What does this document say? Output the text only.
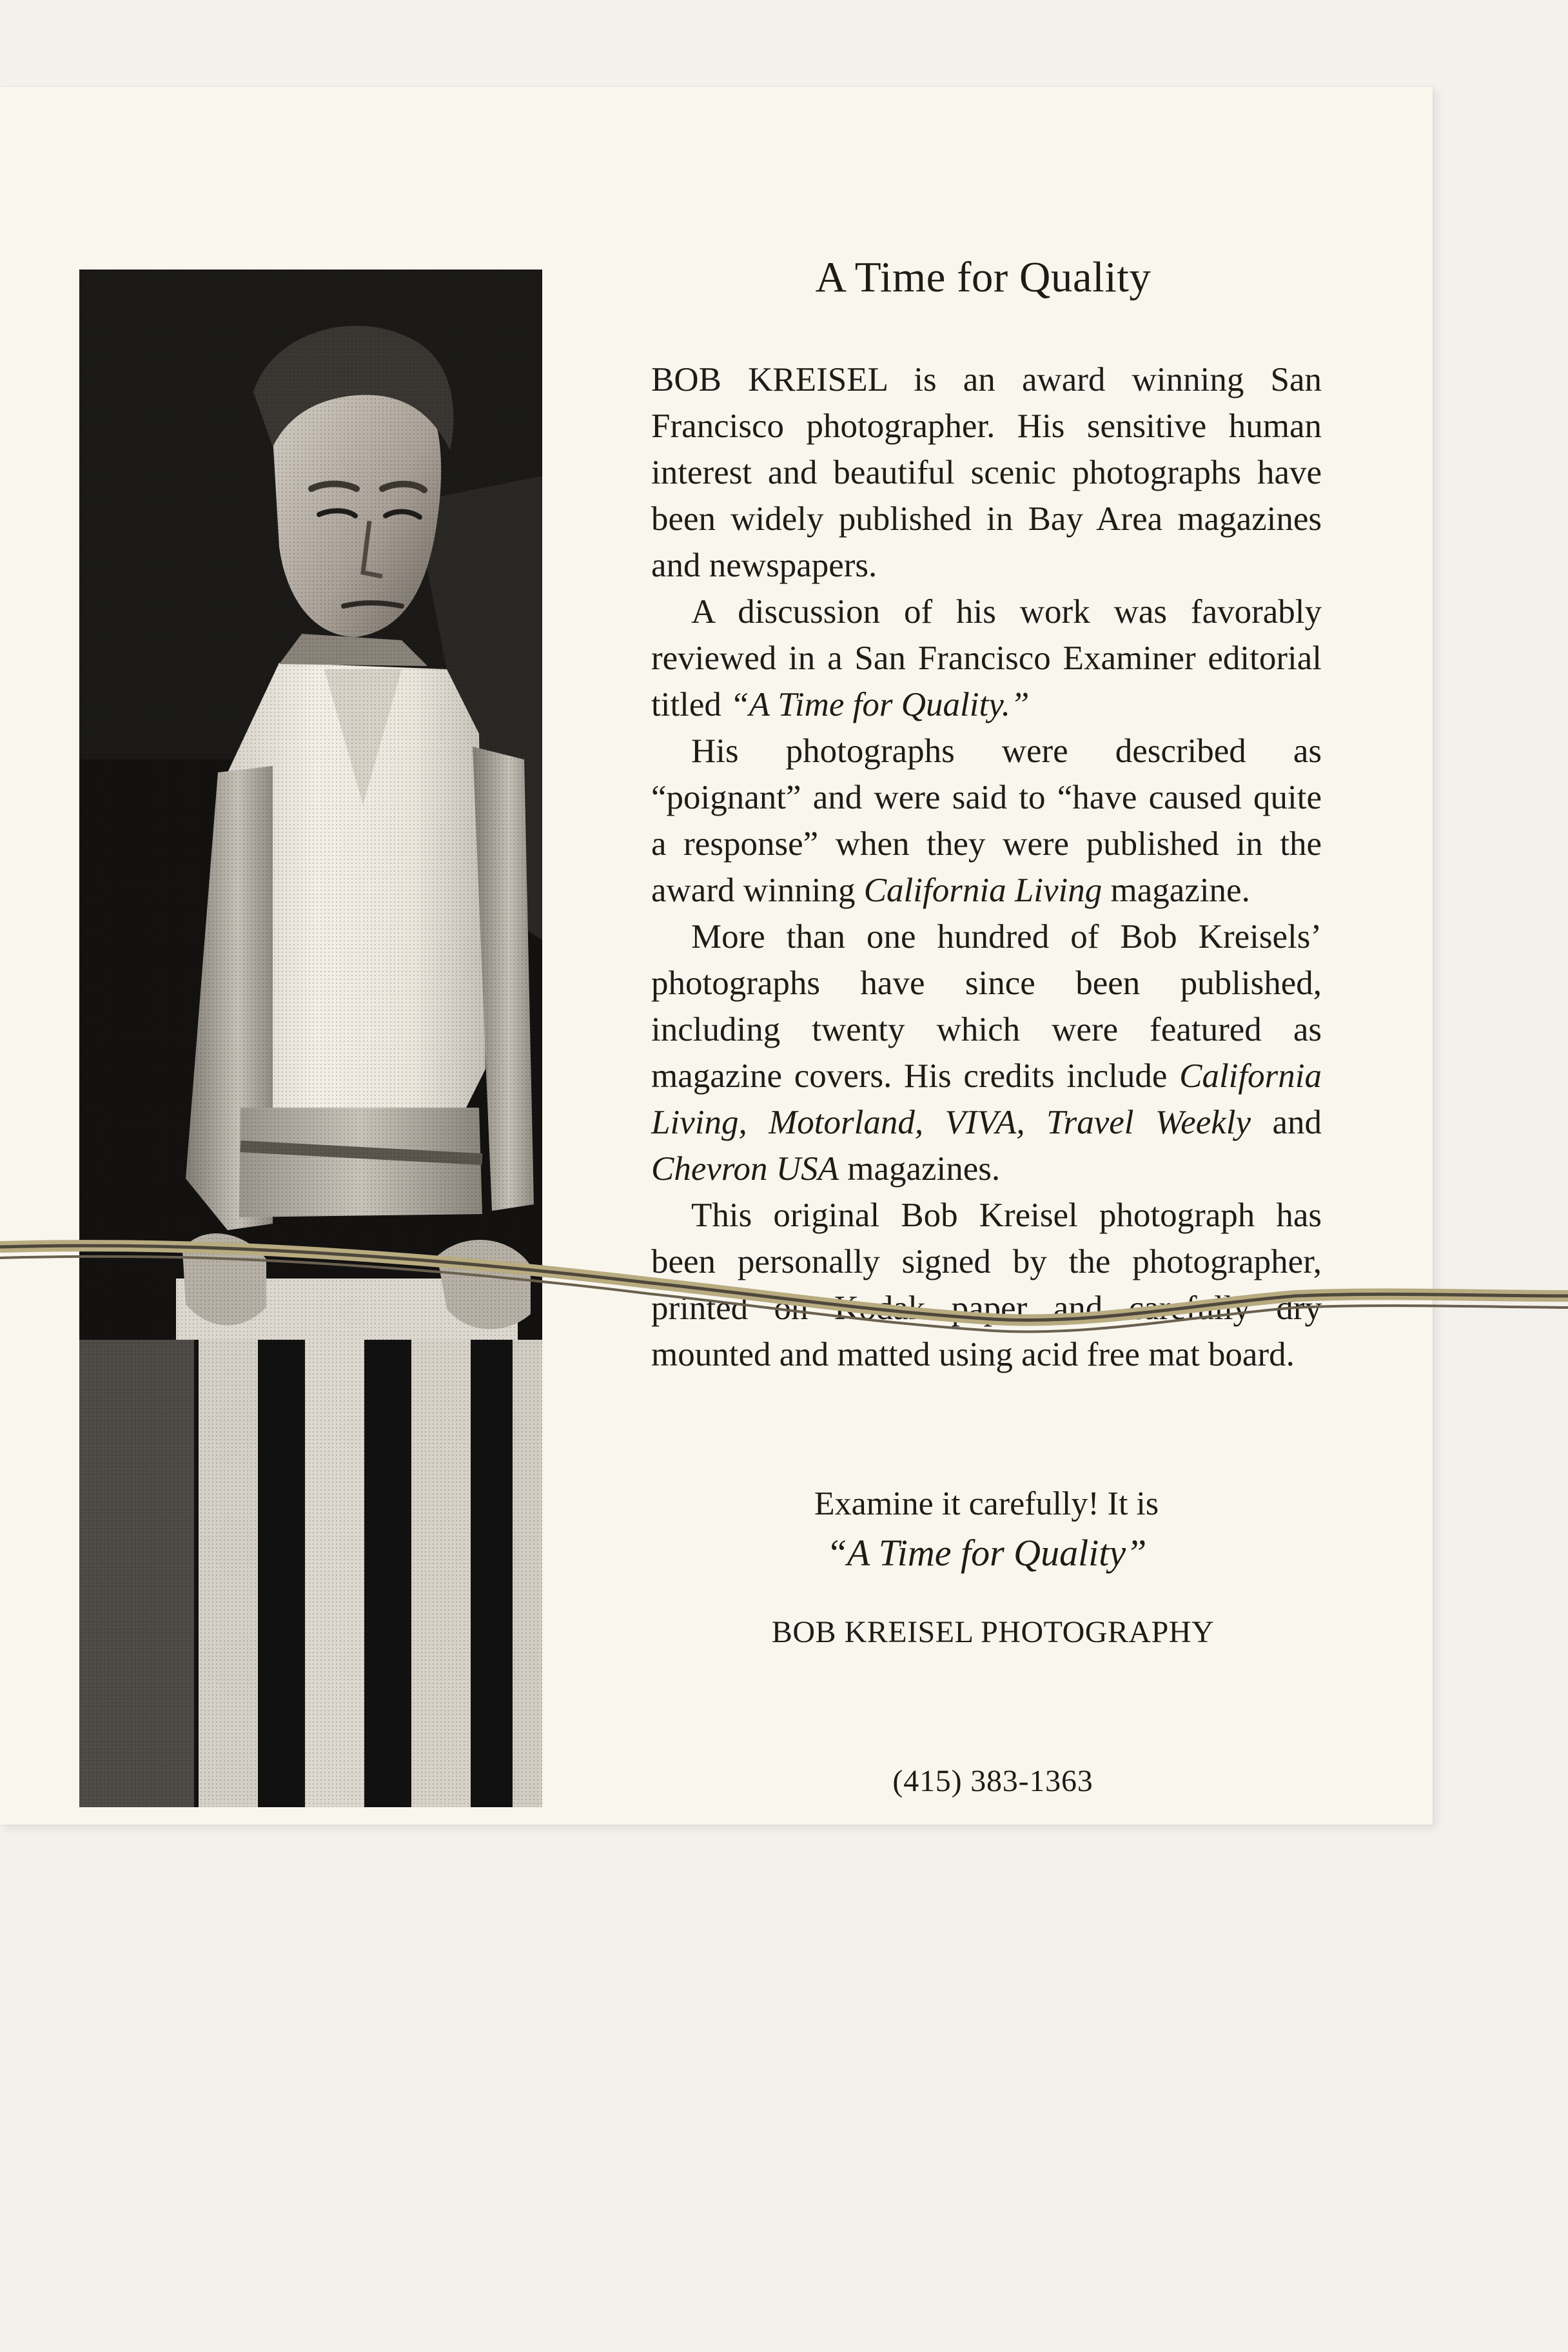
A Time for Quality

BOB KREISEL is an award winning San Francisco photographer. His sensitive human interest and beautiful scenic photographs have been widely published in Bay Area magazines and newspapers.

A discussion of his work was favorably reviewed in a San Francisco Examiner editorial titled “A Time for Quality.”

His photographs were described as “poignant” and were said to “have caused quite a response” when they were published in the award winning California Living magazine.

More than one hundred of Bob Kreisels’ photographs have since been published, including twenty which were featured as magazine covers. His credits include California Living, Motorland, VIVA, Travel Weekly and Chevron USA magazines.

This original Bob Kreisel photograph has been personally signed by the photographer, printed on Kodak paper and carefully dry mounted and matted using acid free mat board.

Examine it carefully! It is
“A Time for Quality”
BOB KREISEL PHOTOGRAPHY
(415) 383-1363
